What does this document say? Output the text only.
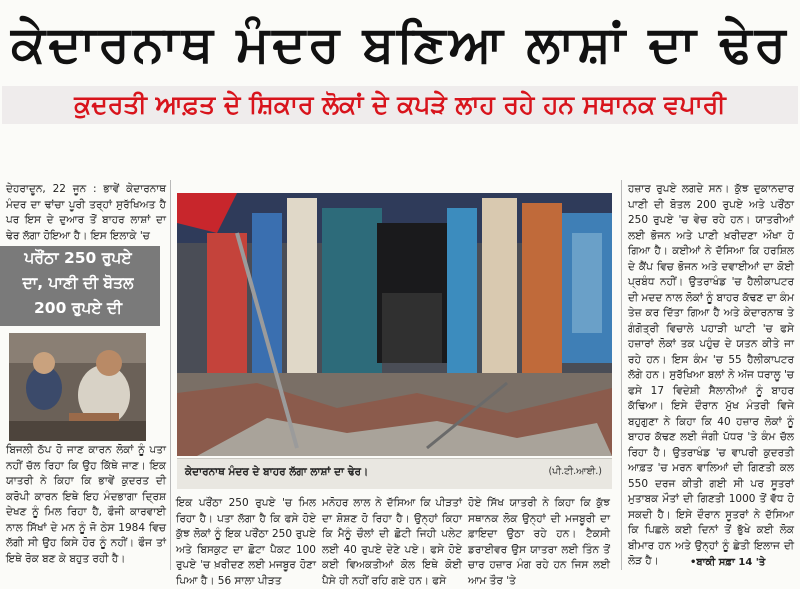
ਕੇਦਾਰਨਾਥ ਮੰਦਰ ਬਣਿਆ ਲਾਸ਼ਾਂ ਦਾ ਢੇਰ
ਕੁਦਰਤੀ ਆਫ਼ਤ ਦੇ ਸ਼ਿਕਾਰ ਲੋਕਾਂ ਦੇ ਕਪੜੇ ਲਾਹ ਰਹੇ ਹਨ ਸਥਾਨਕ ਵਪਾਰੀ
ਦੇਹਰਾਦੂਨ, 22 ਜੂਨ : ਭਾਵੇਂ ਕੇਦਾਰਨਾਥ ਮੰਦਰ ਦਾ ਢਾਂਚਾ ਪੂਰੀ ਤਰ੍ਹਾਂ ਸੁਰੱਖਿਅਤ ਹੈ ਪਰ ਇਸ ਦੇ ਦੁਆਰ ਤੋਂ ਬਾਹਰ ਲਾਸ਼ਾਂ ਦਾ ਢੇਰ ਲੱਗਾ ਹੋਇਆ ਹੈ। ਇਸ ਇਲਾਕੇ 'ਚ
ਪਰੌਂਠਾ 250 ਰੁਪਏ
ਦਾ, ਪਾਣੀ ਦੀ ਬੋਤਲ
200 ਰੁਪਏ ਦੀ
ਬਿਜਲੀ ਠੱਪ ਹੋ ਜਾਣ ਕਾਰਨ ਲੋਕਾਂ ਨੂੰ ਪਤਾ ਨਹੀਂ ਚੱਲ ਰਿਹਾ ਕਿ ਉਹ ਕਿੱਥੇ ਜਾਣ। ਇਕ ਯਾਤਰੀ ਨੇ ਕਿਹਾ ਕਿ ਭਾਵੇਂ ਕੁਦਰਤ ਦੀ ਕਰੋਪੀ ਕਾਰਨ ਇਥੇ ਇਹ ਮੰਦਭਾਗਾ ਦ੍ਰਿਸ਼ ਦੇਖਣ ਨੂੰ ਮਿਲ ਰਿਹਾ ਹੈ, ਫੌਜੀ ਕਾਰਵਾਈ ਨਾਲ ਸਿੱਖਾਂ ਦੇ ਮਨ ਨੂੰ ਜੋ ਠੇਸ 1984 ਵਿਚ ਲੱਗੀ ਸੀ ਉਹ ਕਿਸੇ ਹੋਰ ਨੂੰ ਨਹੀਂ। ਫੌਜ ਤਾਂ ਇਥੇ ਰੋਕ ਬਣ ਕੇ ਬਹੁਤ ਰਹੀ ਹੈ।
ਕੇਦਾਰਨਾਥ ਮੰਦਰ ਦੇ ਬਾਹਰ ਲੱਗਾ ਲਾਸ਼ਾਂ ਦਾ ਢੇਰ।	(ਪੀ.ਟੀ.ਆਈ.)
ਇਕ ਪਰੌਂਠਾ 250 ਰੁਪਏ 'ਚ ਮਿਲ ਰਿਹਾ ਹੈ। ਪਤਾ ਲੱਗਾ ਹੈ ਕਿ ਫਸੇ ਹੋਏ ਕੁੱਝ ਲੋਕਾਂ ਨੂੰ ਇਕ ਪਰੌਂਠਾ 250 ਰੁਪਏ ਅਤੇ ਬਿਸਕੁਟ ਦਾ ਛੋਟਾ ਪੈਕਟ 100 ਰੁਪਏ 'ਚ ਖ਼ਰੀਦਣ ਲਈ ਮਜਬੂਰ ਹੋਣਾ ਪਿਆ ਹੈ। 56 ਸਾਲਾ ਪੀੜਤ
ਮਨੋਹਰ ਲਾਲ ਨੇ ਦੱਸਿਆ ਕਿ ਪੀੜਤਾਂ ਦਾ ਸ਼ੋਸ਼ਣ ਹੋ ਰਿਹਾ ਹੈ। ਉਨ੍ਹਾਂ ਕਿਹਾ ਕਿ ਮੈਨੂੰ ਚੌਲਾਂ ਦੀ ਛੋਟੀ ਜਿਹੀ ਪਲੇਟ ਲਈ 40 ਰੁਪਏ ਦੇਣੇ ਪਏ। ਫਸੇ ਹੋਏ ਕਈ ਵਿਅਕਤੀਆਂ ਕੋਲ ਇਥੇ ਕੋਈ ਪੈਸੇ ਹੀ ਨਹੀਂ ਰਹਿ ਗਏ ਹਨ। ਫਸੇ
ਹੋਏ ਸਿੱਖ ਯਾਤਰੀ ਨੇ ਕਿਹਾ ਕਿ ਕੁੱਝ ਸਥਾਨਕ ਲੋਕ ਉਨ੍ਹਾਂ ਦੀ ਮਜਬੂਰੀ ਦਾ ਫ਼ਾਇਦਾ ਉਠਾ ਰਹੇ ਹਨ। ਟੈਕਸੀ ਡਰਾਈਵਰ ਉਸ ਯਾਤਰਾ ਲਈ ਤਿੰਨ ਤੋਂ ਚਾਰ ਹਜ਼ਾਰ ਮੰਗ ਰਹੇ ਹਨ ਜਿਸ ਲਈ ਆਮ ਤੌਰ 'ਤੇ
ਹਜ਼ਾਰ ਰੁਪਏ ਲਗਦੇ ਸਨ। ਕੁੱਝ ਦੁਕਾਨਦਾਰ ਪਾਣੀ ਦੀ ਬੋਤਲ 200 ਰੁਪਏ ਅਤੇ ਪਰੌਂਠਾ 250 ਰੁਪਏ 'ਚ ਵੇਚ ਰਹੇ ਹਨ। ਯਾਤਰੀਆਂ ਲਈ ਭੋਜਨ ਅਤੇ ਪਾਣੀ ਖ਼ਰੀਦਣਾ ਔਖਾ ਹੋ ਗਿਆ ਹੈ। ਕਈਆਂ ਨੇ ਦੱਸਿਆ ਕਿ ਹਰਸ਼ਿਲ ਦੇ ਕੈਂਪ ਵਿਚ ਭੋਜਨ ਅਤੇ ਦਵਾਈਆਂ ਦਾ ਕੋਈ ਪ੍ਰਬੰਧ ਨਹੀਂ। ਉਤਰਾਖੰਡ 'ਚ ਹੈਲੀਕਾਪਟਰ ਦੀ ਮਦਦ ਨਾਲ ਲੋਕਾਂ ਨੂੰ ਬਾਹਰ ਕੱਢਣ ਦਾ ਕੰਮ ਤੇਜ਼ ਕਰ ਦਿੱਤਾ ਗਿਆ ਹੈ ਅਤੇ ਕੇਦਾਰਨਾਥ ਤੇ ਗੰਗੋਤ੍ਰੀ ਵਿਚਾਲੇ ਪਹਾੜੀ ਘਾਟੀ 'ਚ ਫਸੇ ਹਜ਼ਾਰਾਂ ਲੋਕਾਂ ਤਕ ਪਹੁੰਚ ਦੇ ਯਤਨ ਕੀਤੇ ਜਾ ਰਹੇ ਹਨ। ਇਸ ਕੰਮ 'ਚ 55 ਹੈਲੀਕਾਪਟਰ ਲੱਗੇ ਹਨ। ਸੁਰੱਖਿਆ ਬਲਾਂ ਨੇ ਅੱਜ ਧਰਾਲੂ 'ਚ ਫਸੇ 17 ਵਿਦੇਸ਼ੀ ਸੈਲਾਨੀਆਂ ਨੂੰ ਬਾਹਰ ਕੱਢਿਆ। ਇਸੇ ਦੌਰਾਨ ਮੁੱਖ ਮੰਤਰੀ ਵਿਜੇ ਬਹੁਗੁਣਾ ਨੇ ਕਿਹਾ ਕਿ 40 ਹਜ਼ਾਰ ਲੋਕਾਂ ਨੂੰ ਬਾਹਰ ਕੱਢਣ ਲਈ ਜੰਗੀ ਪੱਧਰ 'ਤੇ ਕੰਮ ਚੱਲ ਰਿਹਾ ਹੈ। ਉਤਰਾਖੰਡ 'ਚ ਵਾਪਰੀ ਕੁਦਰਤੀ ਆਫ਼ਤ 'ਚ ਮਰਨ ਵਾਲਿਆਂ ਦੀ ਗਿਣਤੀ ਕਲ 550 ਦਰਜ ਕੀਤੀ ਗਈ ਸੀ ਪਰ ਸੂਤਰਾਂ ਮੁਤਾਬਕ ਮੌਤਾਂ ਦੀ ਗਿਣਤੀ 1000 ਤੋਂ ਵੱਧ ਹੋ ਸਕਦੀ ਹੈ। ਇਸੇ ਦੌਰਾਨ ਸੂਤਰਾਂ ਨੇ ਦੱਸਿਆ ਕਿ ਪਿਛਲੇ ਕਈ ਦਿਨਾਂ ਤੋਂ ਭੁੱਖੇ ਕਈ ਲੋਕ ਬੀਮਾਰ ਹਨ ਅਤੇ ਉਨ੍ਹਾਂ ਨੂੰ ਛੇਤੀ ਇਲਾਜ ਦੀ ਲੋੜ ਹੈ।	•ਬਾਕੀ ਸਫ਼ਾ 14 'ਤੇ
